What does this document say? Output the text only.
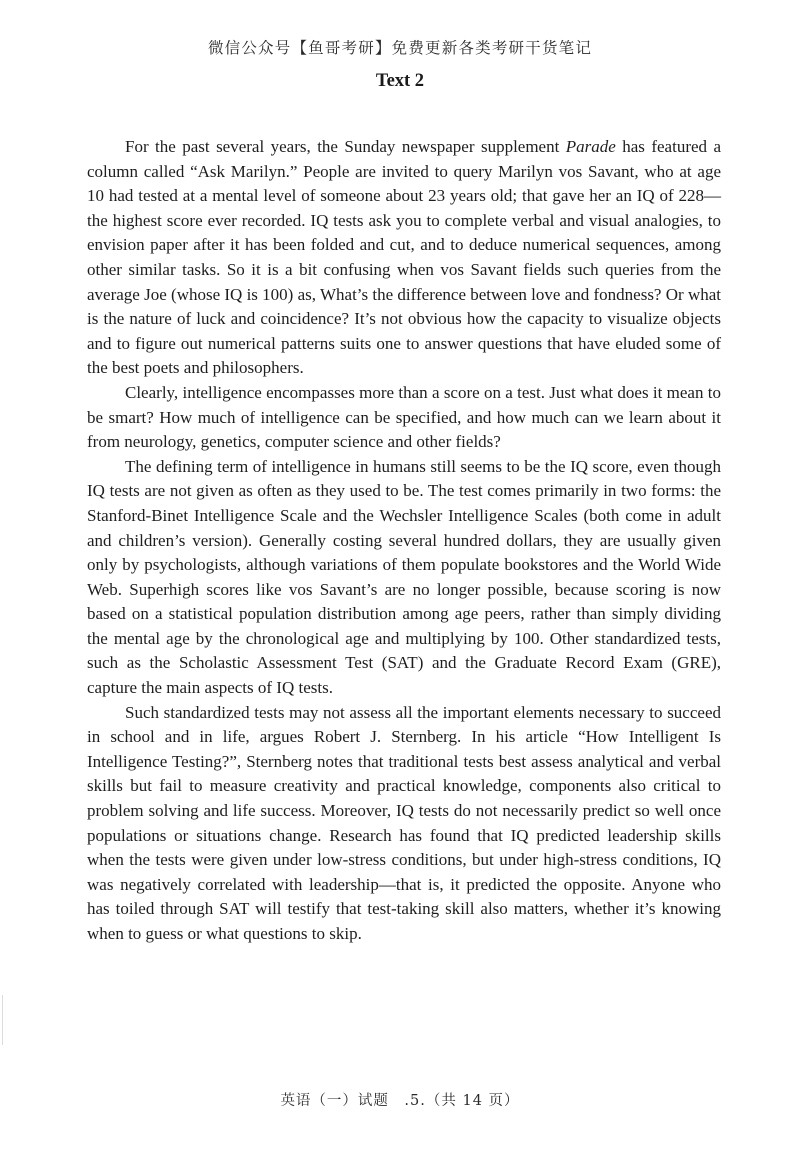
微信公众号【鱼哥考研】免费更新各类考研干货笔记
Text 2

For the past several years, the Sunday newspaper supplement Parade has featured a column called “Ask Marilyn.” People are invited to query Marilyn vos Savant, who at age 10 had tested at a mental level of someone about 23 years old; that gave her an IQ of 228—the highest score ever recorded. IQ tests ask you to complete verbal and visual analogies, to envision paper after it has been folded and cut, and to deduce numerical sequences, among other similar tasks. So it is a bit confusing when vos Savant fields such queries from the average Joe (whose IQ is 100) as, What’s the difference between love and fondness? Or what is the nature of luck and coincidence? It’s not obvious how the capacity to visualize objects and to figure out numerical patterns suits one to answer questions that have eluded some of the best poets and philosophers.

Clearly, intelligence encompasses more than a score on a test. Just what does it mean to be smart? How much of intelligence can be specified, and how much can we learn about it from neurology, genetics, computer science and other fields?

The defining term of intelligence in humans still seems to be the IQ score, even though IQ tests are not given as often as they used to be. The test comes primarily in two forms: the Stanford-Binet Intelligence Scale and the Wechsler Intelligence Scales (both come in adult and children’s version). Generally costing several hundred dollars, they are usually given only by psychologists, although variations of them populate bookstores and the World Wide Web. Superhigh scores like vos Savant’s are no longer possible, because scoring is now based on a statistical population distribution among age peers, rather than simply dividing the mental age by the chronological age and multiplying by 100. Other standardized tests, such as the Scholastic Assessment Test (SAT) and the Graduate Record Exam (GRE), capture the main aspects of IQ tests.

Such standardized tests may not assess all the important elements necessary to succeed in school and in life, argues Robert J. Sternberg. In his article “How Intelligent Is Intelligence Testing?”, Sternberg notes that traditional tests best assess analytical and verbal skills but fail to measure creativity and practical knowledge, components also critical to problem solving and life success. Moreover, IQ tests do not necessarily predict so well once populations or situations change. Research has found that IQ predicted leadership skills when the tests were given under low-stress conditions, but under high-stress conditions, IQ was negatively correlated with leadership—that is, it predicted the opposite. Anyone who has toiled through SAT will testify that test-taking skill also matters, whether it’s knowing when to guess or what questions to skip.

英语（一）试题　.5.（共 14 页）
